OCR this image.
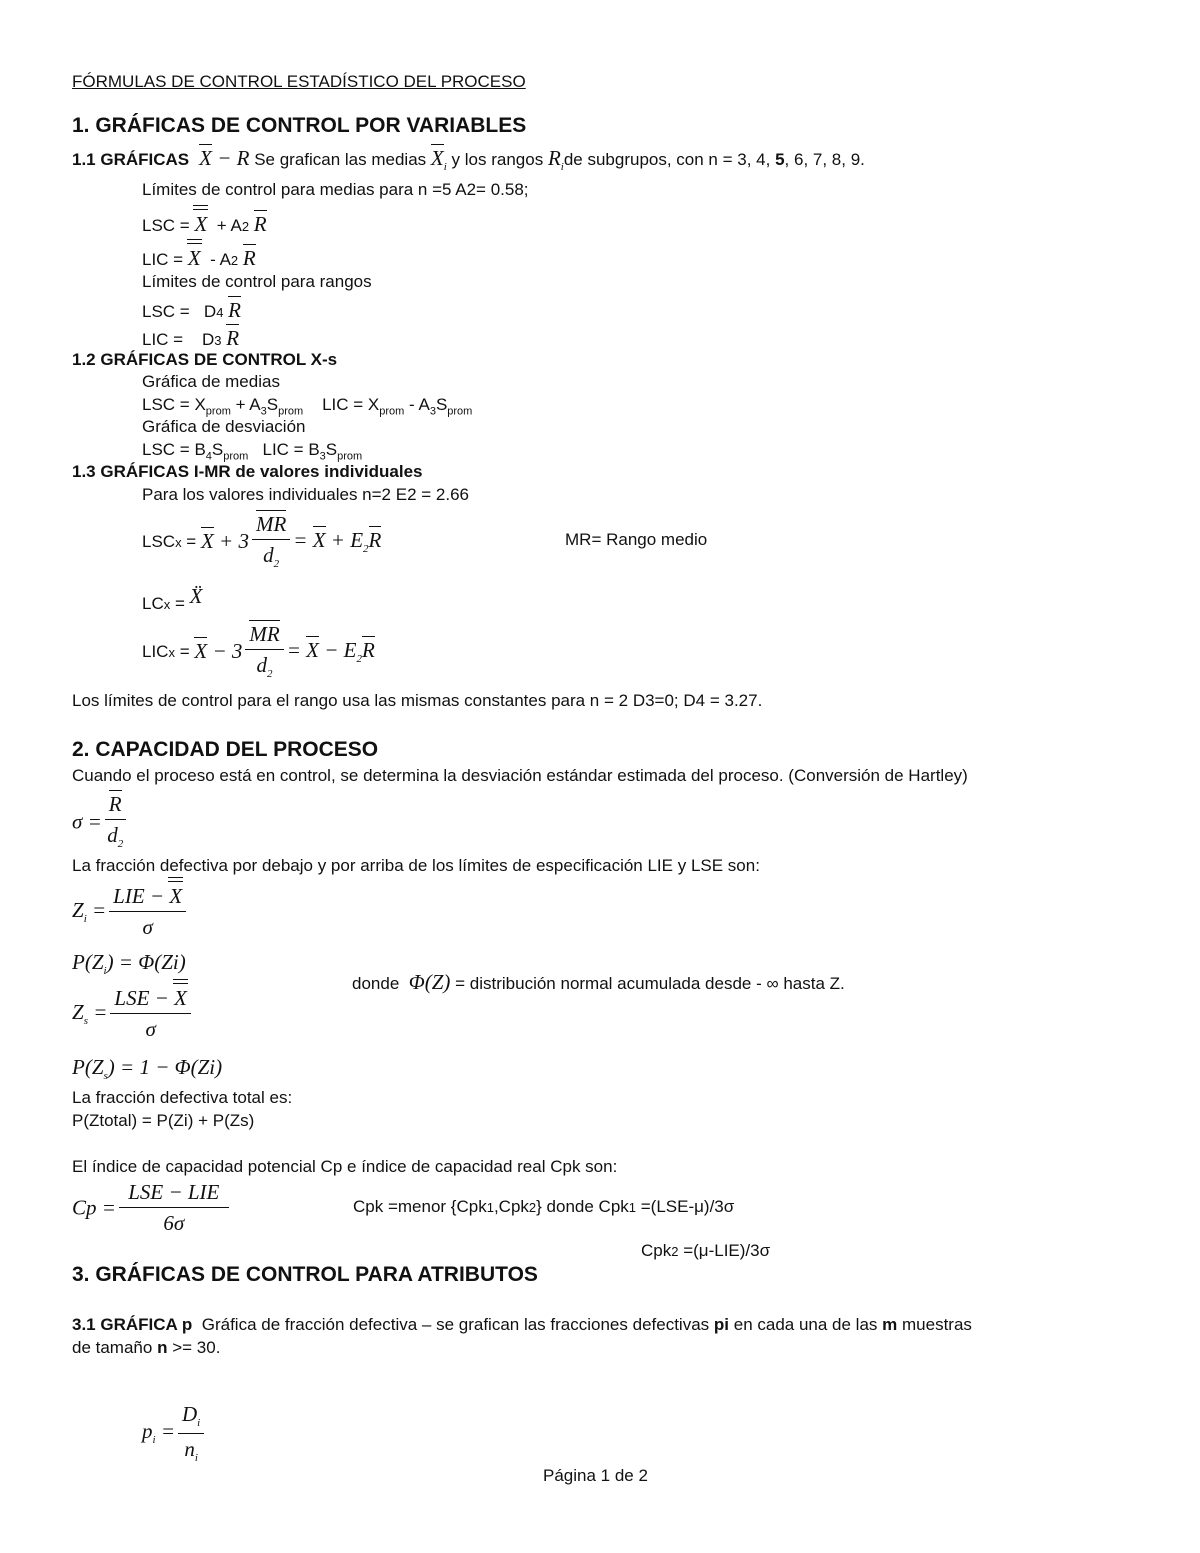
FÓRMULAS DE CONTROL ESTADÍSTICO DEL PROCESO
1. GRÁFICAS DE CONTROL POR VARIABLES
1.1 GRÁFICAS X − R Se grafican las medias $X_i$ y los rangos $R_ide$ subgrupos, con n = 3, 4, 5, 6, 7, 8, 9.
Límites de control para medias para n =5 A2= 0.58;
LSC = X + A2 R
LIC = X - A2 R
Límites de control para rangos
LSC = D4 R
LIC = D3 R
1.2 GRÁFICAS DE CONTROL X-s
Gráfica de medias
LSC = $X_{prom} + A_3S_{prom}$    LIC = $X_{prom} - A_3S_{prom}$
Gráfica de desviación
LSC = $B_4S_{prom}$   LIC = $B_3S_{prom}$
1.3 GRÁFICAS I-MR de valores individuales
Para los valores individuales n=2 E2 = 2.66
LSCx = $X + 3 \frac{MR}{d_2} = X + E_2R$	MR= Rango medio
LCx = Ẍ
LICx = $X - 3 \frac{MR}{d_2} = X - E_2R$
Los límites de control para el rango usa las mismas constantes para n = 2 D3=0; D4 = 3.27.
2. CAPACIDAD DEL PROCESO
Cuando el proceso está en control, se determina la desviación estándar estimada del proceso. (Conversión de Hartley)
$\sigma = \frac{R}{d_2}$
La fracción defectiva por debajo y por arriba de los límites de especificación LIE y LSE son:
$Z_i = \frac{\text{LIE − X}}{\sigma}$
$P(Z_i) = \Phi(Zi)$
donde Φ(Z) = distribución normal acumulada desde - ∞ hasta Z.
$Z_s = \frac{\text{LSE − X}}{\sigma}$
$P(Z_s) = 1 - \Phi(Zi)$
La fracción defectiva total es:
P(Ztotal) = P(Zi) + P(Zs)
El índice de capacidad potencial Cp e índice de capacidad real Cpk son:
$Cp = \frac{\text{LSE − LIE}}{6\sigma}$	Cpk =menor {Cpk1,Cpk2} donde Cpk1 =(LSE-μ)/3σ
Cpk2 =(μ-LIE)/3σ
3. GRÁFICAS DE CONTROL PARA ATRIBUTOS
3.1 GRÁFICA p Gráfica de fracción defectiva – se grafican las fracciones defectivas pi en cada una de las m muestras
de tamaño n >= 30.
$p_i = \frac{D_i}{n_i}$
Página 1 de 2
